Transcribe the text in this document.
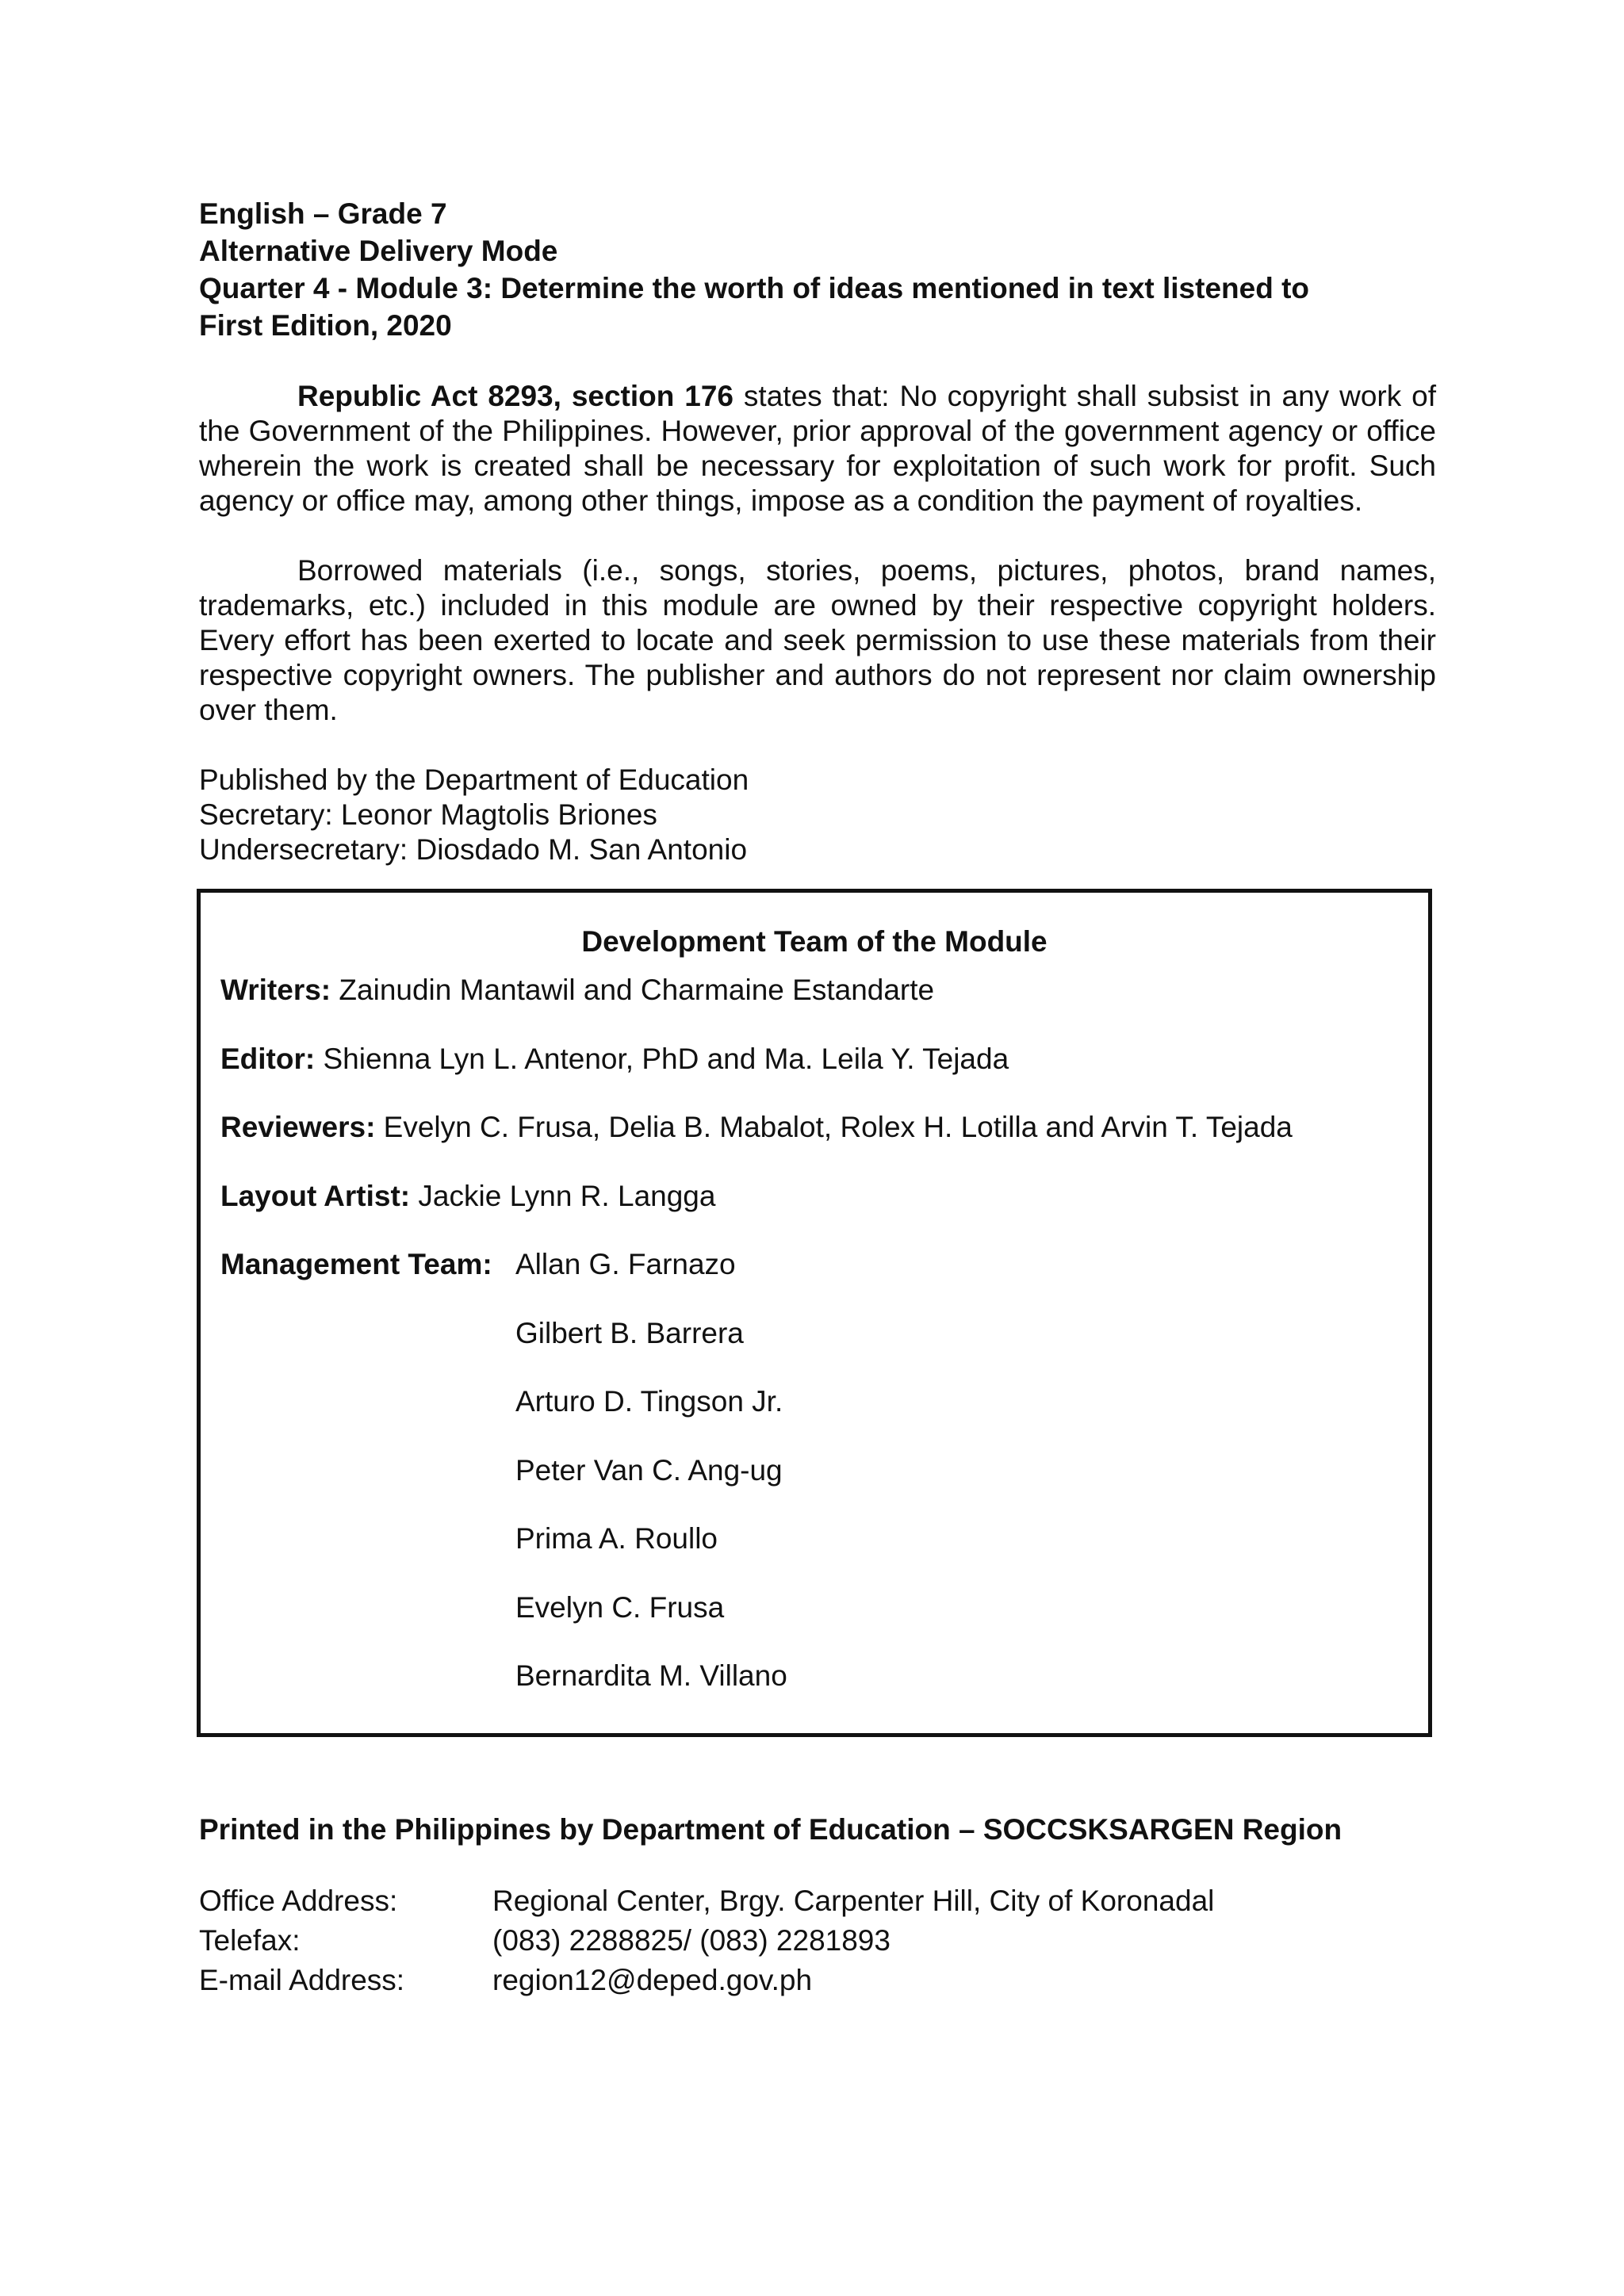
English – Grade 7

Alternative Delivery Mode

Quarter 4 - Module 3: Determine the worth of ideas mentioned in text listened to

First Edition, 2020

Republic Act 8293, section 176 states that: No copyright shall subsist in any work of the Government of the Philippines. However, prior approval of the government agency or office wherein the work is created shall be necessary for exploitation of such work for profit. Such agency or office may, among other things, impose as a condition the payment of royalties.

Borrowed materials (i.e., songs, stories, poems, pictures, photos, brand names, trademarks, etc.) included in this module are owned by their respective copyright holders. Every effort has been exerted to locate and seek permission to use these materials from their respective copyright owners. The publisher and authors do not represent nor claim ownership over them.

Published by the Department of Education

Secretary: Leonor Magtolis Briones

Undersecretary: Diosdado M. San Antonio

Development Team of the Module
Writers: Zainudin Mantawil and Charmaine Estandarte
Editor: Shienna Lyn L. Antenor, PhD and Ma. Leila Y. Tejada
Reviewers: Evelyn C. Frusa, Delia B. Mabalot, Rolex H. Lotilla and Arvin T. Tejada
Layout Artist: Jackie Lynn R. Langga
Management Team: Allan G. Farnazo
Gilbert B. Barrera
Arturo D. Tingson Jr.
Peter Van C. Ang-ug
Prima A. Roullo
Evelyn C. Frusa
Bernardita M. Villano
Printed in the Philippines by Department of Education – SOCCSKSARGEN Region
Office Address:	Regional Center, Brgy. Carpenter Hill, City of Koronadal
Telefax:	(083) 2288825/ (083) 2281893
E-mail Address:	region12@deped.gov.ph
